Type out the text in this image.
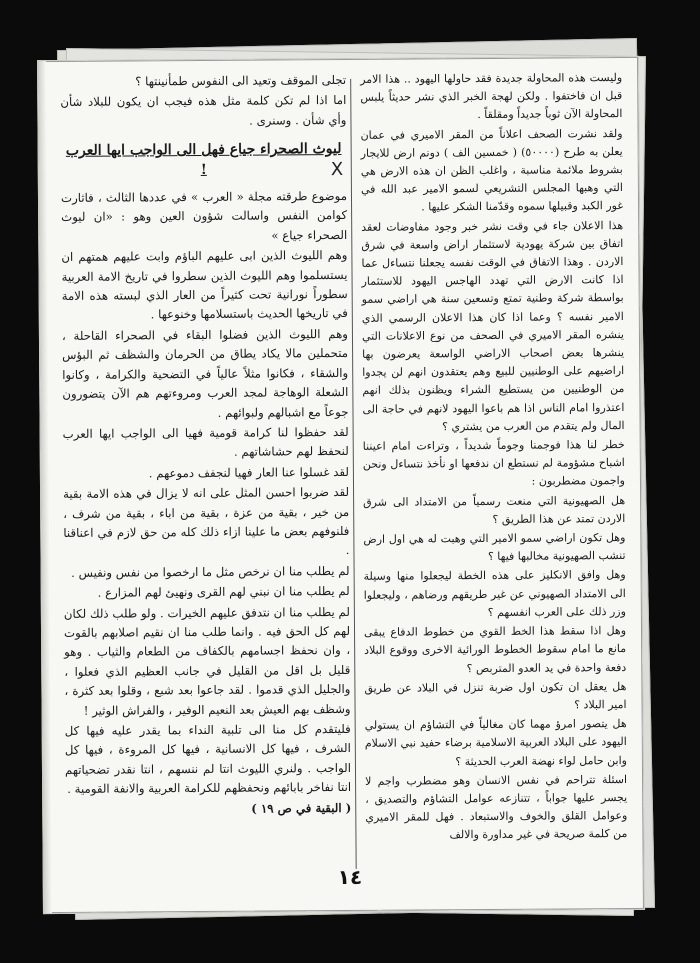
وليست هذه المحاولة جديدة فقد حاولها اليهود .. هذا الامر قبل ان فاختفوا . ولكن لهجة الخبر الذي نشر حديثاً يلبس المحاولة الآن ثوباً جديداً ومقلقاً .

ولقد نشرت الصحف اعلاناً من المقر الاميري في عمان يعلن به طرح (٥٠٠٠٠) ( خمسين الف ) دونم ارض للايجار بشروط ملائمة مناسبة ، واغلب الظن ان هذه الارض هي التي وهبها المجلس التشريعي لسمو الامير عبد الله في غور الكبد وقبيلها سموه وقدّمنا الشكر عليها .

هذا الاعلان جاء في وقت نشر خبر وجود مفاوضات لعقد اتفاق بين شركة يهودية لاستثمار اراض واسعة في شرق الاردن . وهذا الاتفاق في الوقت نفسه يجعلنا نتساءل عما اذا كانت الارض التي تهدد الهاجس اليهود للاستثمار بواسطة شركة وطنية تمتع وتسعين سنة هي اراضي سمو الامير نفسه ؟ وعما اذا كان هذا الاعلان الرسمي الذي ينشره المقر الاميري في الصحف من نوع الاعلانات التي ينشرها بعض اصحاب الاراضي الواسعة يعرضون بها اراضيهم على الوطنيين للبيع وهم يعتقدون انهم لن يجدوا من الوطنيين من يستطيع الشراء ويظنون بذلك انهم اعتذروا امام الناس اذا هم باعوا اليهود لانهم في حاجة الى المال ولم يتقدم من العرب من يشتري ؟

خطر لنا هذا فوجمنا وجوماً شديداً ، وتراءت امام اعيننا اشباح مشؤومة لم نستطع ان ندفعها او نأخذ نتساءل ونحن واجمون مضطربون :

هل الصهيونية التي منعت رسمياً من الامتداد الى شرق الاردن تمتد عن هذا الطريق ؟

وهل تكون اراضي سمو الامير التي وهبت له هي اول ارض تنشب الصهيونية مخالبها فيها ؟

وهل وافق الانكليز على هذه الخطة ليجعلوا منها وسيلة الى الامتداد الصهيوني عن غير طريقهم ورضاهم ، وليجعلوا وزر ذلك على العرب انفسهم ؟

وهل اذا سقط هذا الخط القوي من خطوط الدفاع يبقى مانع ما امام سقوط الخطوط الورائية الاخرى ووقوع البلاد دفعة واحدة في يد العدو المتربص ؟

هل يعقل ان تكون اول ضربة تنزل في البلاد عن طريق امير البلاد ؟

هل يتصور امرؤ مهما كان مغالياً في التشاؤم ان يستولي اليهود على البلاد العربية الاسلامية برضاء حفيد نبي الاسلام وابن حامل لواء نهضة العرب الحديثة ؟

اسئلة تتراحم في نفس الانسان وهو مضطرب واجم لا يجسر عليها جواباً ، تتنازعه عوامل التشاؤم والتصديق ، وعوامل القلق والخوف والاستبعاد . فهل للمقر الاميري من كلمة صريحة في غير مداورة والالف

X

تجلى الموقف وتعيد الى النفوس طمأنينتها ؟

اما اذا لم تكن كلمة مثل هذه فيجب ان يكون للبلاد شأن وأي شأن . وسنرى .

ليوث الصحراء جياع فهل الى الواجب ايها العرب !

موضوع طرقته مجلة « العرب » في عددها الثالث ، فاثارت كوامن النفس واسالت شؤون العين وهو : «ان ليوث الصحراء جياع »

وهم الليوث الذين ابى عليهم الباؤم وابت عليهم همتهم ان يستسلموا وهم الليوث الذين سطروا في تاريخ الامة العربية سطوراً نورانية تحت كثيراً من العار الذي لبسته هذه الامة في تاريخها الحديث باستسلامها وخنوعها .

وهم الليوث الذين فضلوا البقاء في الصحراء القاحلة ، متحملين مالا يكاد يطاق من الحرمان والشظف ثم البؤس والشقاء ، فكانوا مثلاً عالياً في التضحية والكرامة ، وكانوا الشعلة الوهاجة لمجد العرب ومروءتهم هم الآن يتضورون جوعاً مع اشبالهم ولبوائهم .

لقد حفظوا لنا كرامة قومية فهيا الى الواجب ايها العرب لنحفظ لهم حشاشاتهم .

لقد غسلوا عنا العار فهيا لنجفف دموعهم .

لقد ضربوا احسن المثل على انه لا يزال في هذه الامة بقية من خير ، بقية من عزة ، بقية من اباء ، بقية من شرف ، فلنوفهم بعض ما علينا ازاء ذلك كله من حق لازم في اعناقنا .

لم يطلب منا ان نرخص مثل ما ارخصوا من نفس ونفيس .

لم يطلب منا ان نبني لهم القرى ونهيئ لهم المزارع .

لم يطلب منا ان نتدفق عليهم الخيرات . ولو طلب ذلك لكان لهم كل الحق فيه . وانما طلب منا ان نقيم اصلابهم بالقوت ، وان نحفظ اجسامهم بالكفاف من الطعام والثياب . وهو قليل بل اقل من القليل في جانب العظيم الذي فعلوا ، والجليل الذي قدموا . لقد جاعوا بعد شبع ، وقلوا بعد كثرة ، وشظف بهم العيش بعد النعيم الوفير ، والفراش الوثير !

فليتقدم كل منا الى تلبية النداء بما يقدر عليه فيها كل الشرف ، فيها كل الانسانية ، فيها كل المروءة ، فيها كل الواجب . ولنري الليوث انتا لم ننسهم ، انتا نقدر تضحياتهم انتا نفاخر بابائهم ونحفظهم للكرامة العربية والانفة القومية .

( البقية في ص ١٩ )

١٤
